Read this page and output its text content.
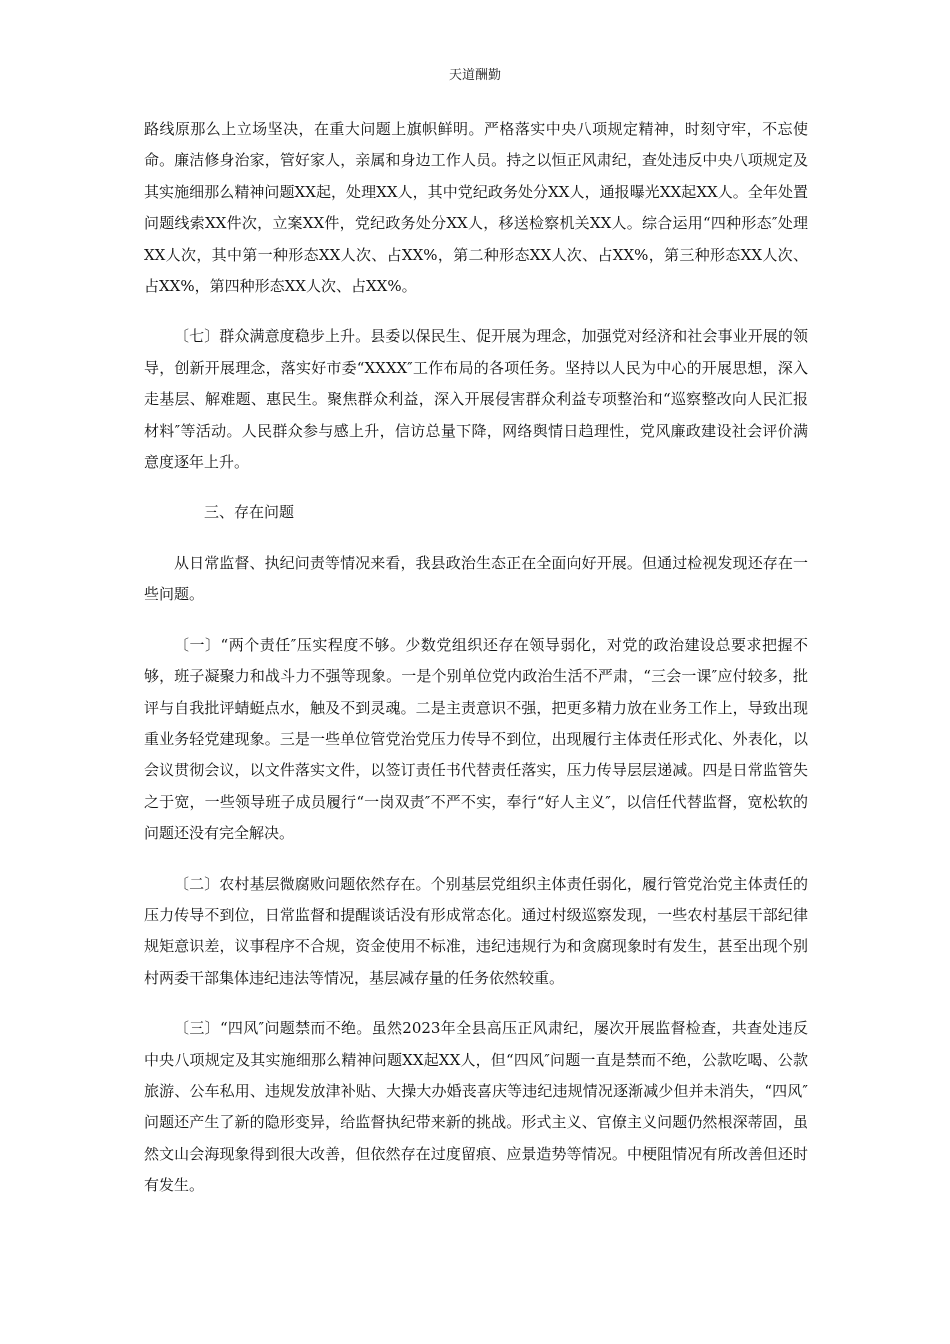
天道酬勤

路线原那么上立场坚决，在重大问题上旗帜鲜明。严格落实中央八项规定精神，时刻守牢，不忘使命。廉洁修身治家，管好家人，亲属和身边工作人员。持之以恒正风肃纪，查处违反中央八项规定及其实施细那么精神问题XX起，处理XX人，其中党纪政务处分XX人，通报曝光XX起XX人。全年处置问题线索XX件次，立案XX件，党纪政务处分XX人，移送检察机关XX人。综合运用“四种形态″处理XX人次，其中第一种形态XX人次、占XX%，第二种形态XX人次、占XX%，第三种形态XX人次、占XX%，第四种形态XX人次、占XX%。

〔七〕群众满意度稳步上升。县委以保民生、促开展为理念，加强党对经济和社会事业开展的领导，创新开展理念，落实好市委“XXXX″工作布局的各项任务。坚持以人民为中心的开展思想，深入走基层、解难题、惠民生。聚焦群众利益，深入开展侵害群众利益专项整治和“巡察整改向人民汇报材料″等活动。人民群众参与感上升，信访总量下降，网络舆情日趋理性，党风廉政建设社会评价满意度逐年上升。

三、存在问题

从日常监督、执纪问责等情况来看，我县政治生态正在全面向好开展。但通过检视发现还存在一些问题。

〔一〕“两个责任″压实程度不够。少数党组织还存在领导弱化，对党的政治建设总要求把握不够，班子凝聚力和战斗力不强等现象。一是个别单位党内政治生活不严肃，“三会一课″应付较多，批评与自我批评蜻蜓点水，触及不到灵魂。二是主责意识不强，把更多精力放在业务工作上，导致出现重业务轻党建现象。三是一些单位管党治党压力传导不到位，出现履行主体责任形式化、外表化，以会议贯彻会议，以文件落实文件，以签订责任书代替责任落实，压力传导层层递减。四是日常监管失之于宽，一些领导班子成员履行“一岗双责″不严不实，奉行“好人主义″，以信任代替监督，宽松软的问题还没有完全解决。

〔二〕农村基层微腐败问题依然存在。个别基层党组织主体责任弱化，履行管党治党主体责任的压力传导不到位，日常监督和提醒谈话没有形成常态化。通过村级巡察发现，一些农村基层干部纪律规矩意识差，议事程序不合规，资金使用不标准，违纪违规行为和贪腐现象时有发生，甚至出现个别村两委干部集体违纪违法等情况，基层减存量的任务依然较重。

〔三〕“四风″问题禁而不绝。虽然2023年全县高压正风肃纪，屡次开展监督检查，共查处违反中央八项规定及其实施细那么精神问题XX起XX人，但“四风″问题一直是禁而不绝，公款吃喝、公款旅游、公车私用、违规发放津补贴、大操大办婚丧喜庆等违纪违规情况逐渐减少但并未消失，“四风″问题还产生了新的隐形变异，给监督执纪带来新的挑战。形式主义、官僚主义问题仍然根深蒂固，虽然文山会海现象得到很大改善，但依然存在过度留痕、应景造势等情况。中梗阻情况有所改善但还时有发生。
